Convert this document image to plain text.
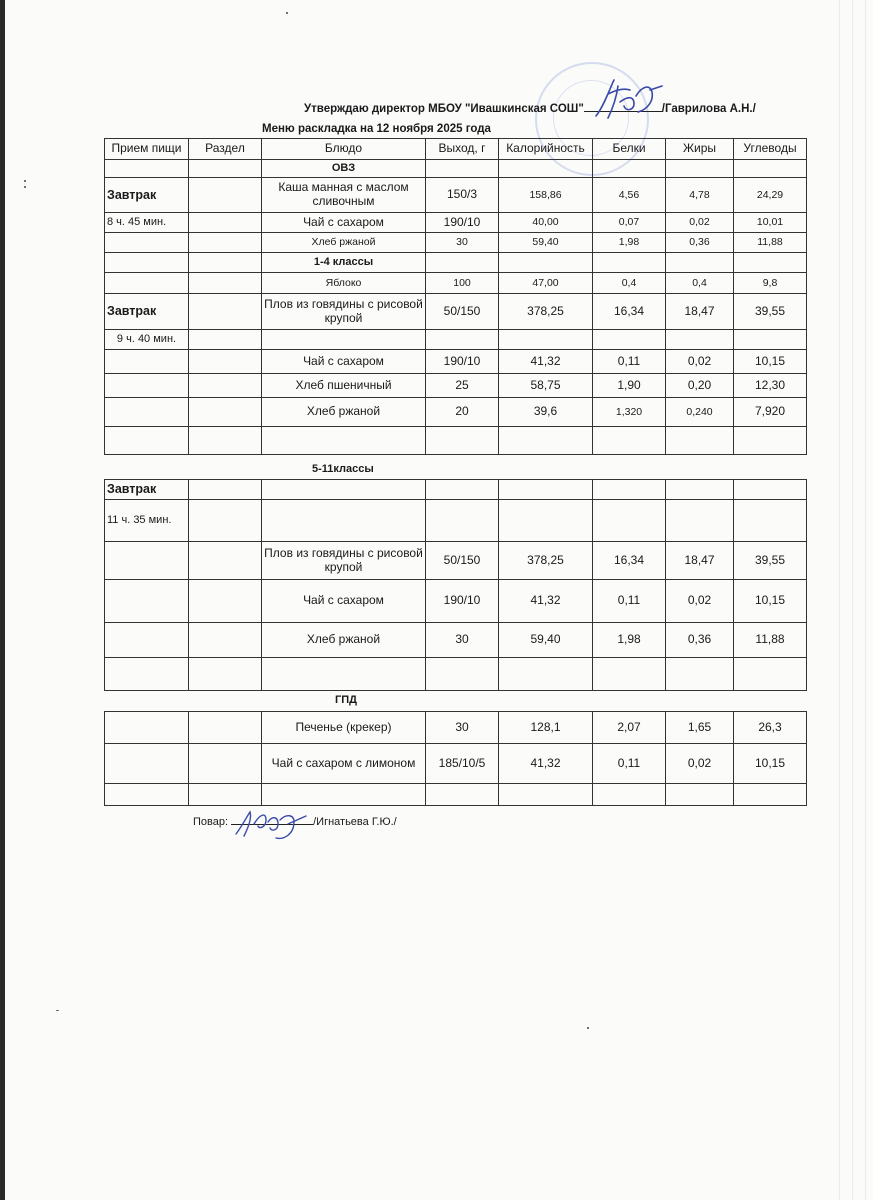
Утверждаю директор МБОУ "Ивашкинская СОШ"	/Гаврилова А.Н./
Меню раскладка на 12 ноября 2025 года
Прием пищи	Раздел	Блюдо	Выход, г	Калорийность	Белки	Жиры	Углеводы
		ОВЗ					
Завтрак		Каша манная с маслом сливочным	150/3	158,86	4,56	4,78	24,29
8 ч. 45 мин.		Чай с сахаром	190/10	40,00	0,07	0,02	10,01
		Хлеб ржаной	30	59,40	1,98	0,36	11,88
		1-4 классы					
		Яблоко	100	47,00	0,4	0,4	9,8
Завтрак		Плов из говядины с рисовой крупой	50/150	378,25	16,34	18,47	39,55
9 ч. 40 мин.							
		Чай с сахаром	190/10	41,32	0,11	0,02	10,15
		Хлеб пшеничный	25	58,75	1,90	0,20	12,30
		Хлеб ржаной	20	39,6	1,320	0,240	7,920

5-11классы
Завтрак							
11 ч. 35 мин.							
		Плов из говядины с рисовой крупой	50/150	378,25	16,34	18,47	39,55
		Чай с сахаром	190/10	41,32	0,11	0,02	10,15
		Хлеб ржаной	30	59,40	1,98	0,36	11,88

ГПД
		Печенье (крекер)	30	128,1	2,07	1,65	26,3
		Чай с сахаром с лимоном	185/10/5	41,32	0,11	0,02	10,15

Повар:	/Игнатьева Г.Ю./
